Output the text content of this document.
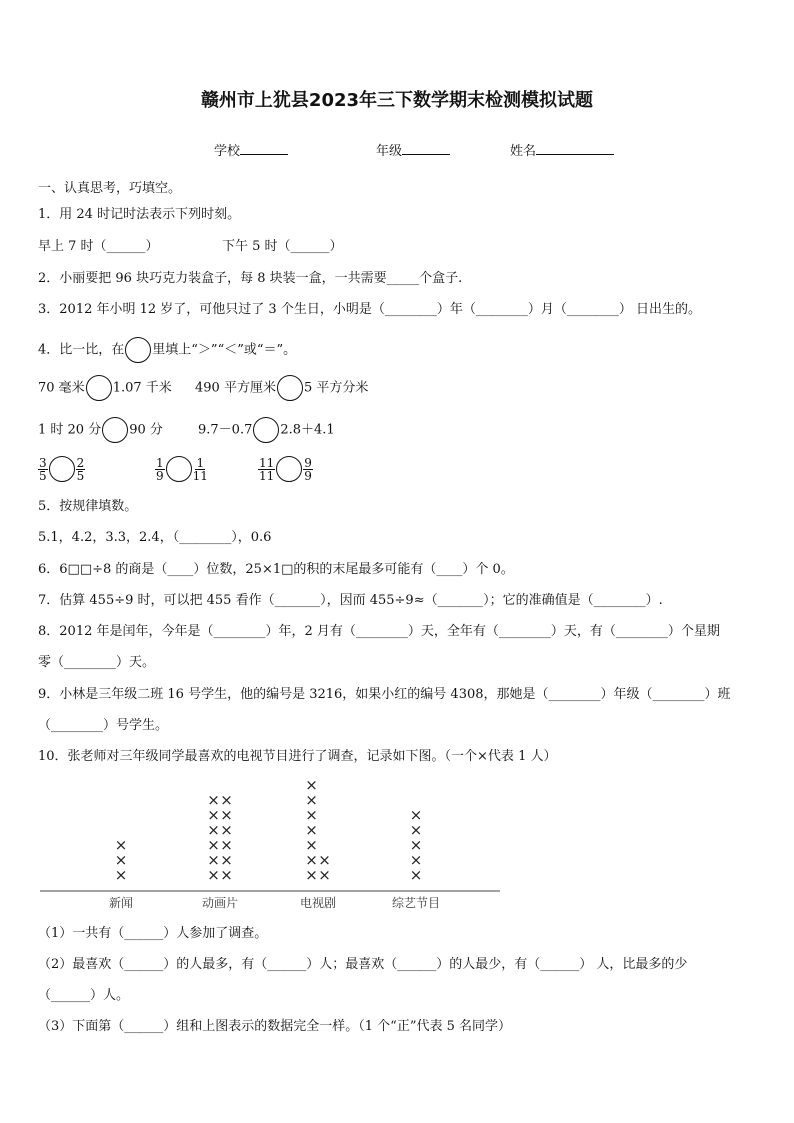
赣州市上犹县2023年三下数学期末检测模拟试题
学校	年级	姓名
一、认真思考，巧填空。
1．用 24 时记时法表示下列时刻。
早上 7 时（______）	下午 5 时（______）
2．小丽要把 96 块巧克力装盒子，每 8 块装一盒，一共需要_____个盒子.
3．2012 年小明 12 岁了，可他只过了 3 个生日，小明是（________）年（________）月（________） 日出生的。
4．比一比，在 里填上“＞”“＜”或“＝”。
70 毫米 1.07 千米 490 平方厘米 5 平方分米
1 时 20 分 90 分	9.7－0.7 2.8＋4.1
$\frac{3}{5} \frac{2}{5}$	$\frac{1}{9} \frac{1}{11}$	$\frac{11}{11} \frac{9}{9}$
5．按规律填数。
5.1，4.2，3.3，2.4，（________），0.6
6．6□□÷8 的商是（____）位数，25×1□的积的末尾最多可能有（____）个 0。
7．估算 455÷9 时，可以把 455 看作（_______），因而 455÷9≈（_______）；它的准确值是（________）.
8．2012 年是闰年，今年是（________）年，2 月有（________）天，全年有（________）天，有（________）个星期
零（________）天。
9．小林是三年级二班 16 号学生，他的编号是 3216，如果小红的编号 4308，那她是（________）年级（________）班
（________）号学生。
10．张老师对三年级同学最喜欢的电视节目进行了调查，记录如下图。（一个×代表 1 人）
×
×
×
新闻
×
×
×
×
×
×
×
×
×
×
×
×
动画片
×
×
×
×
×
×
×
×
×
电视剧
×
×
×
×
×
综艺节目
（1）一共有（______）人参加了调查。
（2）最喜欢（______）的人最多，有（______）人；最喜欢（______）的人最少，有（______） 人，比最多的少
（______）人。
（3）下面第（______）组和上图表示的数据完全一样。（1 个“正”代表 5 名同学）
